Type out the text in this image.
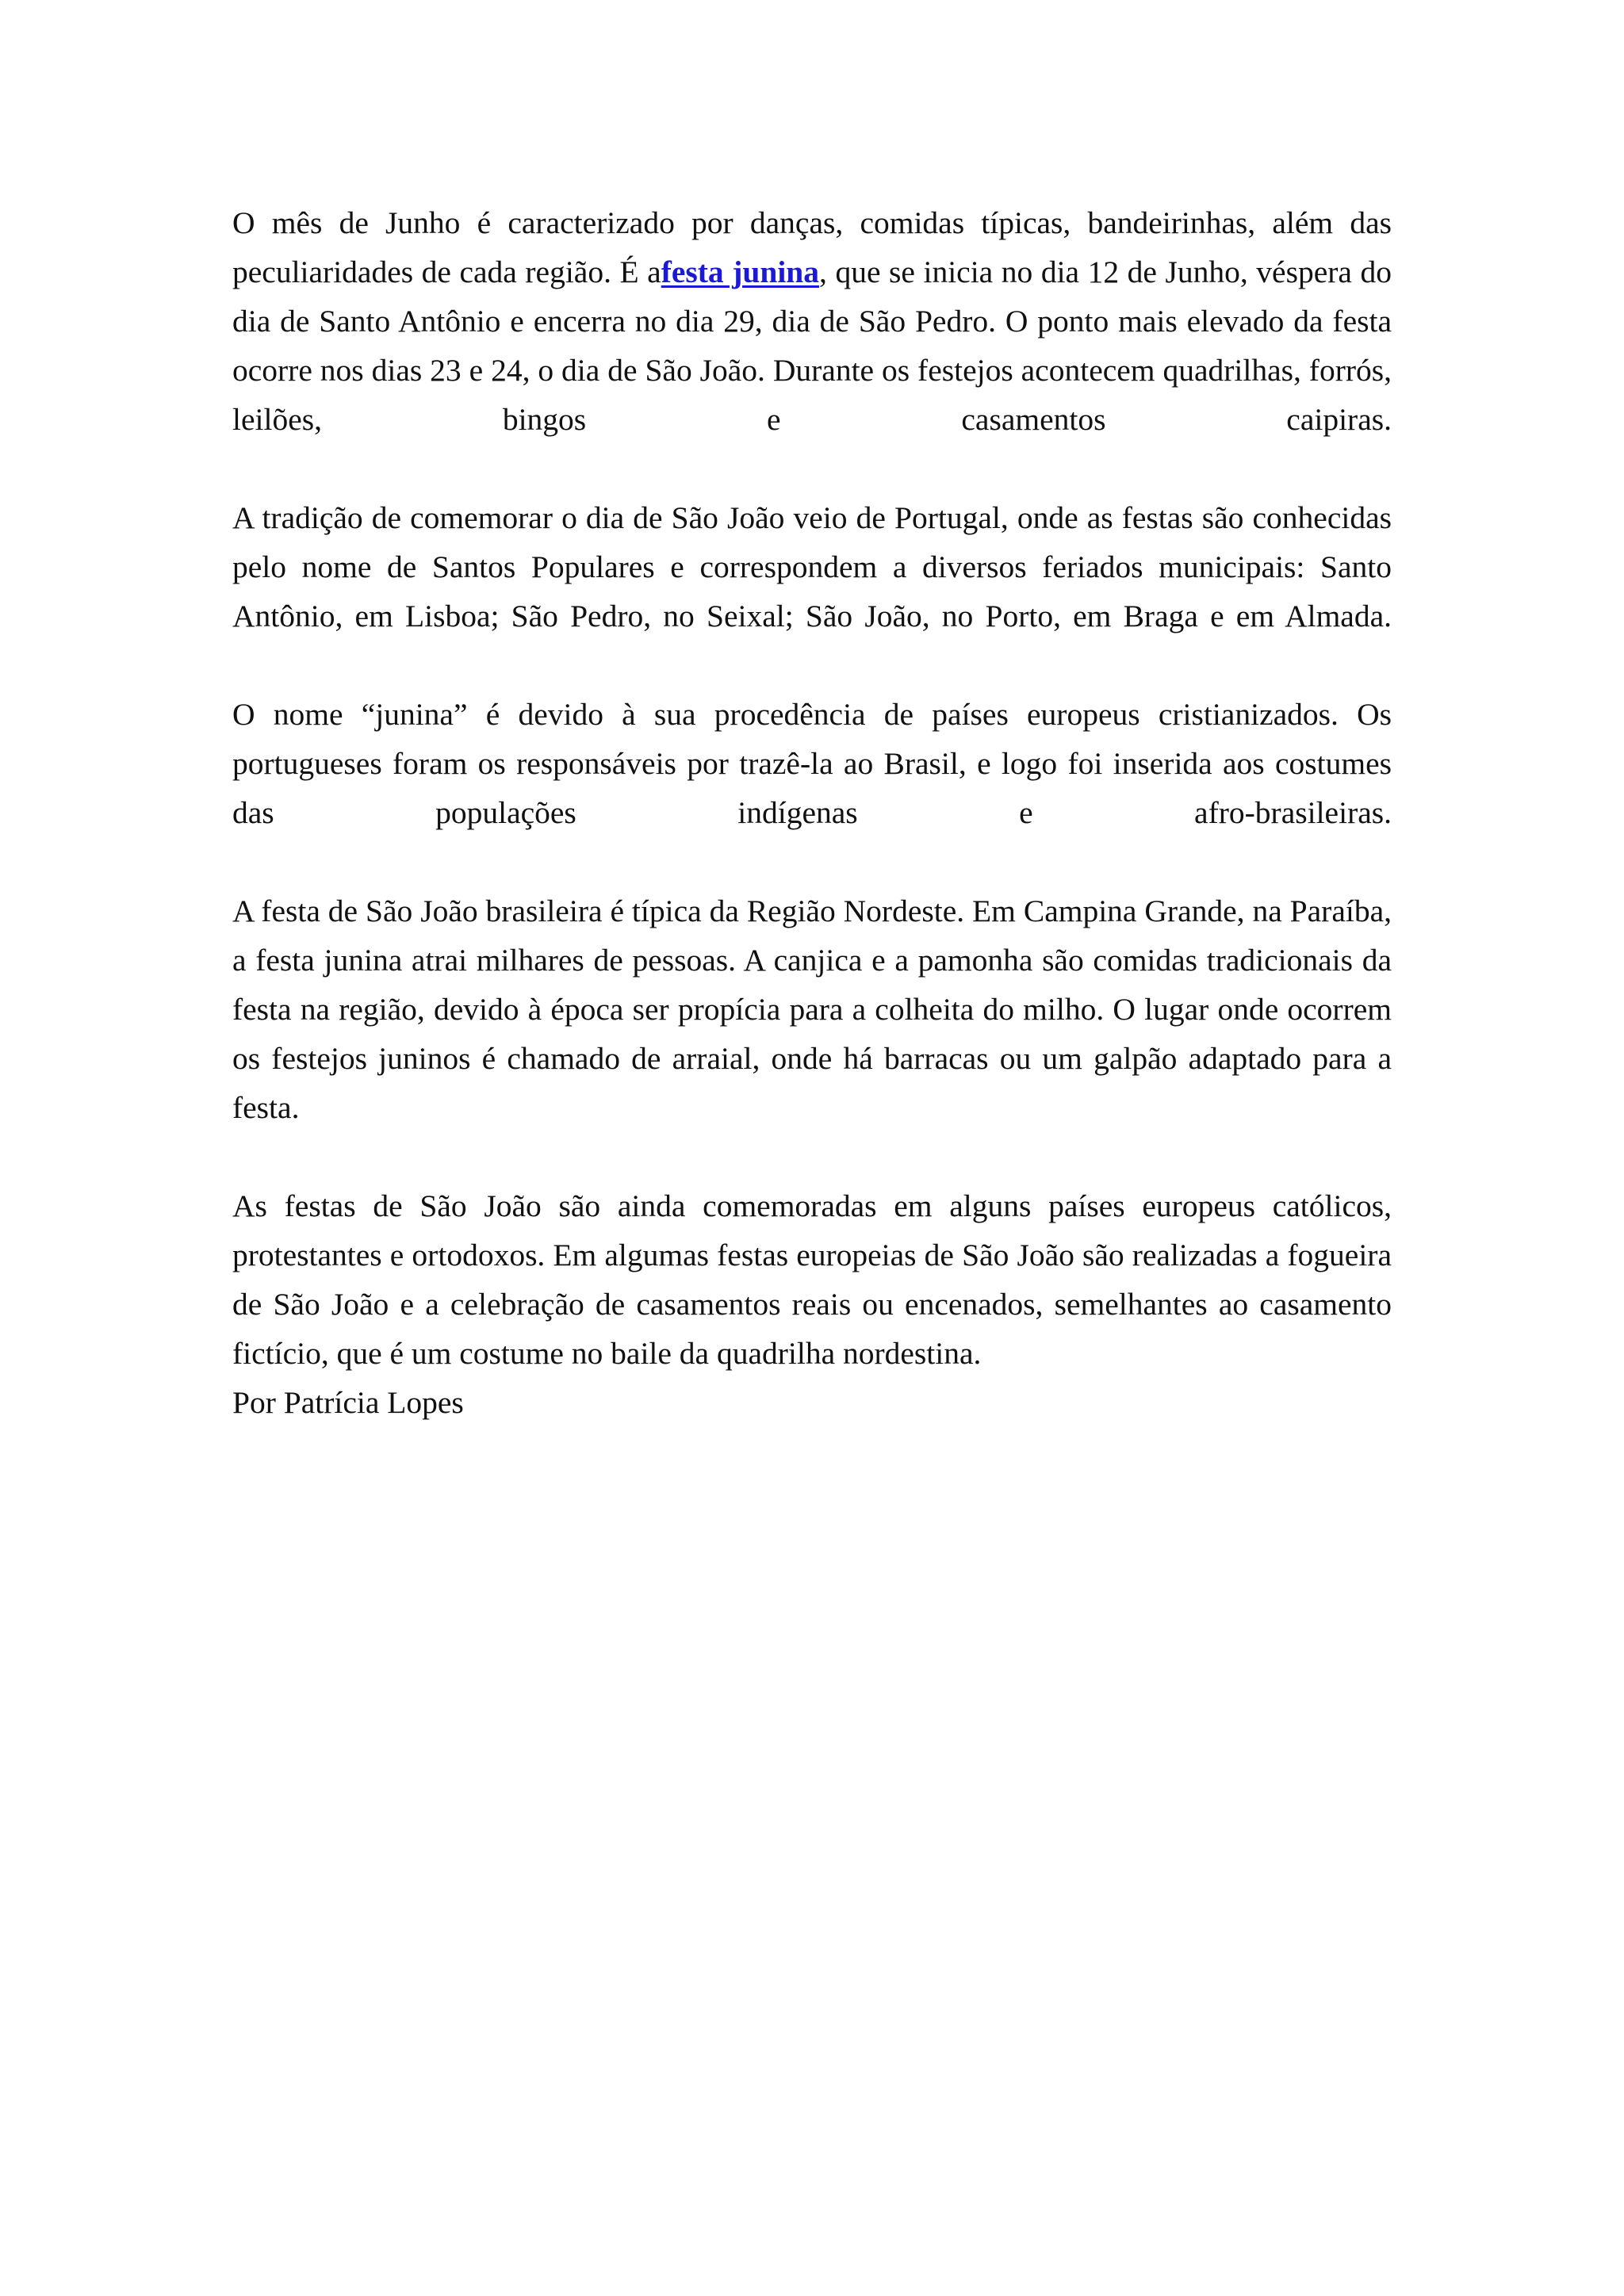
O mês de Junho é caracterizado por danças, comidas típicas, bandeirinhas, além das peculiaridades de cada região. É afesta junina, que se inicia no dia 12 de Junho, véspera do dia de Santo Antônio e encerra no dia 29, dia de São Pedro. O ponto mais elevado da festa ocorre nos dias 23 e 24, o dia de São João. Durante os festejos acontecem quadrilhas, forrós, leilões, bingos e casamentos caipiras.

A tradição de comemorar o dia de São João veio de Portugal, onde as festas são conhecidas pelo nome de Santos Populares e correspondem a diversos feriados municipais: Santo Antônio, em Lisboa; São Pedro, no Seixal; São João, no Porto, em Braga e em Almada.

O nome “junina” é devido à sua procedência de países europeus cristianizados. Os portugueses foram os responsáveis por trazê-la ao Brasil, e logo foi inserida aos costumes das populações indígenas e afro-brasileiras.

A festa de São João brasileira é típica da Região Nordeste. Em Campina Grande, na Paraíba, a festa junina atrai milhares de pessoas. A canjica e a pamonha são comidas tradicionais da festa na região, devido à época ser propícia para a colheita do milho. O lugar onde ocorrem os festejos juninos é chamado de arraial, onde há barracas ou um galpão adaptado para a festa.

As festas de São João são ainda comemoradas em alguns países europeus católicos, protestantes e ortodoxos. Em algumas festas europeias de São João são realizadas a fogueira de São João e a celebração de casamentos reais ou encenados, semelhantes ao casamento fictício, que é um costume no baile da quadrilha nordestina.

Por Patrícia Lopes
